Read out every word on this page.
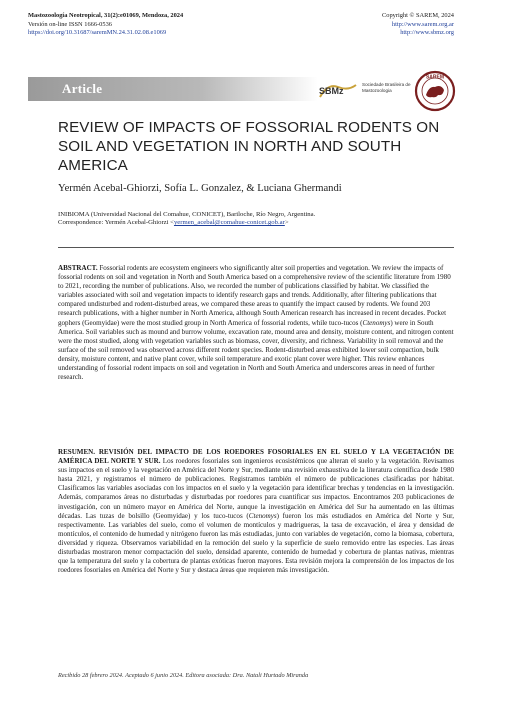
Mastozoología Neotropical, 31(2):e01069, Mendoza, 2024
Versión on-line ISSN 1666-0536
https://doi.org/10.31687/saremMN.24.31.02.08.e1069
Copyright © SAREM, 2024
http://www.sarem.org.ar
http://www.sbmz.org
Article	SBMz
Sociedade Brasileira de Mastozoologia
SAREM
REVIEW OF IMPACTS OF FOSSORIAL RODENTS ON SOIL AND VEGETATION IN NORTH AND SOUTH AMERICA
Yermén Acebal-Ghiorzi, Sofía L. Gonzalez, & Luciana Ghermandi
INIBIOMA (Universidad Nacional del Comahue, CONICET), Bariloche, Río Negro, Argentina.
Correspondence: Yermén Acebal-Ghiorzi <yermen_acebal@comahue-conicet.gob.ar>
ABSTRACT. Fossorial rodents are ecosystem engineers who significantly alter soil properties and vegetation. We review the impacts of fossorial rodents on soil and vegetation in North and South America based on a comprehensive review of the scientific literature from 1980 to 2021, recording the number of publications. Also, we recorded the number of publications classified by habitat. We classified the variables associated with soil and vegetation impacts to identify research gaps and trends. Additionally, after filtering publications that compared undisturbed and rodent-disturbed areas, we compared these areas to quantify the impact caused by rodents. We found 203 research publications, with a higher number in North America, although South American research has increased in recent decades. Pocket gophers (Geomyidae) were the most studied group in North America of fossorial rodents, while tuco-tucos (Ctenomys) were in South America. Soil variables such as mound and burrow volume, excavation rate, mound area and density, moisture content, and nitrogen content were the most studied, along with vegetation variables such as biomass, cover, diversity, and richness. Variability in soil removal and the surface of the soil removed was observed across different rodent species. Rodent-disturbed areas exhibited lower soil compaction, bulk density, moisture content, and native plant cover, while soil temperature and exotic plant cover were higher. This review enhances understanding of fossorial rodent impacts on soil and vegetation in North and South America and underscores areas in need of further research.
RESUMEN. REVISIÓN DEL IMPACTO DE LOS ROEDORES FOSORIALES EN EL SUELO Y LA VEGETACIÓN DE AMÉRICA DEL NORTE Y SUR. Los roedores fosoriales son ingenieros ecosistémicos que alteran el suelo y la vegetación. Revisamos sus impactos en el suelo y la vegetación en América del Norte y Sur, mediante una revisión exhaustiva de la literatura científica desde 1980 hasta 2021, y registramos el número de publicaciones. Registramos también el número de publicaciones clasificadas por hábitat. Clasificamos las variables asociadas con los impactos en el suelo y la vegetación para identificar brechas y tendencias en la investigación. Además, comparamos áreas no disturbadas y disturbadas por roedores para cuantificar sus impactos. Encontramos 203 publicaciones de investigación, con un número mayor en América del Norte, aunque la investigación en América del Sur ha aumentado en las últimas décadas. Las tuzas de bolsillo (Geomyidae) y los tuco-tucos (Ctenomys) fueron los más estudiados en América del Norte y Sur, respectivamente. Las variables del suelo, como el volumen de montículos y madrigueras, la tasa de excavación, el área y densidad de montículos, el contenido de humedad y nitrógeno fueron las más estudiadas, junto con variables de vegetación, como la biomasa, cobertura, diversidad y riqueza. Observamos variabilidad en la remoción del suelo y la superficie de suelo removido entre las especies. Las áreas disturbadas mostraron menor compactación del suelo, densidad aparente, contenido de humedad y cobertura de plantas nativas, mientras que la temperatura del suelo y la cobertura de plantas exóticas fueron mayores. Esta revisión mejora la comprensión de los impactos de los roedores fosoriales en América del Norte y Sur y destaca áreas que requieren más investigación.
Recibido 28 febrero 2024. Aceptado 6 junio 2024. Editora asociada: Dra. Natali Hurtado Miranda
